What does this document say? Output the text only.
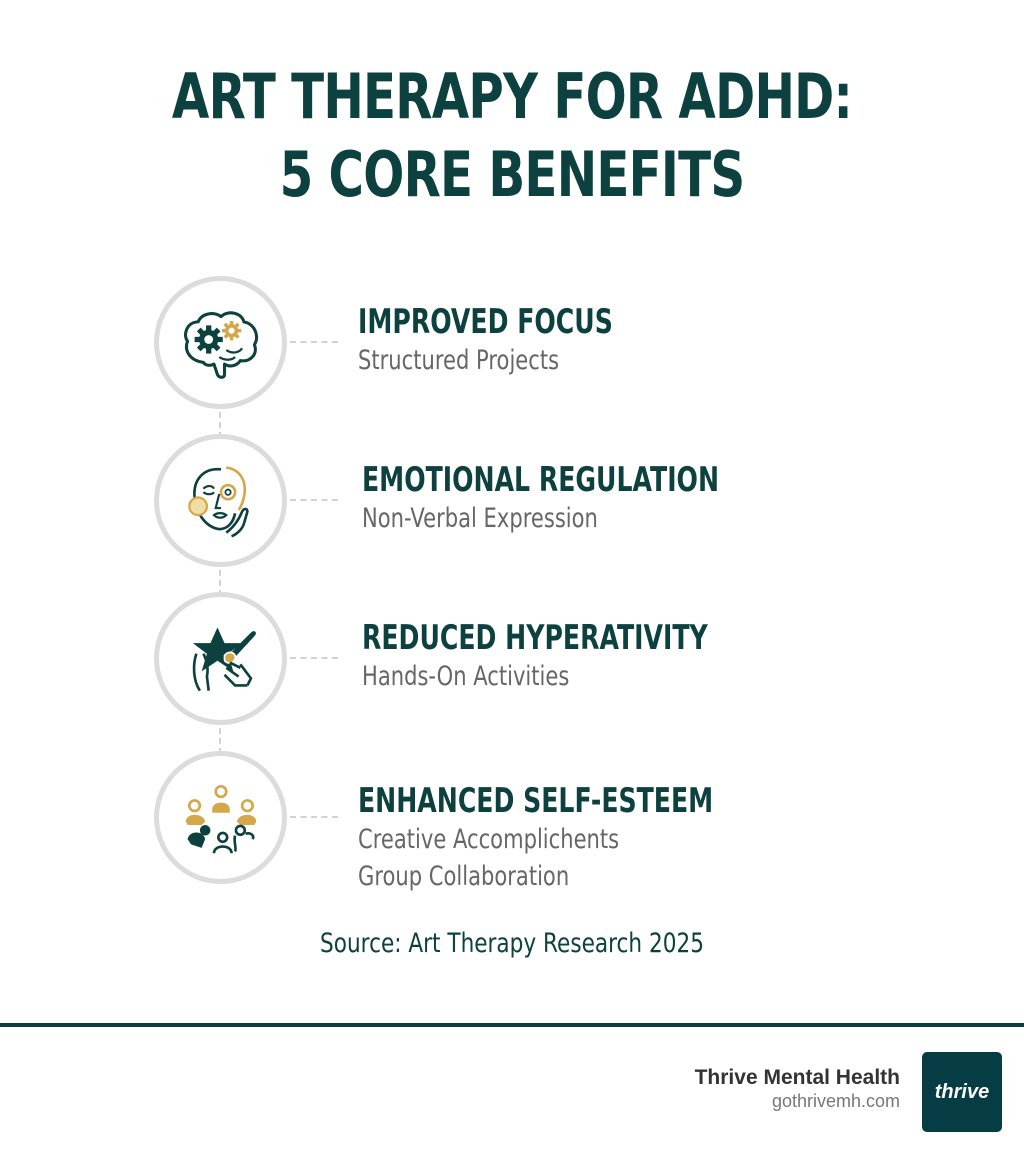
ART THERAPY FOR ADHD:
5 CORE BENEFITS
IMPROVED FOCUS
Structured Projects
EMOTIONAL REGULATION
Non-Verbal Expression
REDUCED HYPERATIVITY
Hands-On Activities
ENHANCED SELF-ESTEEM
Creative Accomplichents
Group Collaboration
Source: Art Therapy Research 2025
Thrive Mental Health
gothrivemh.com thrive
